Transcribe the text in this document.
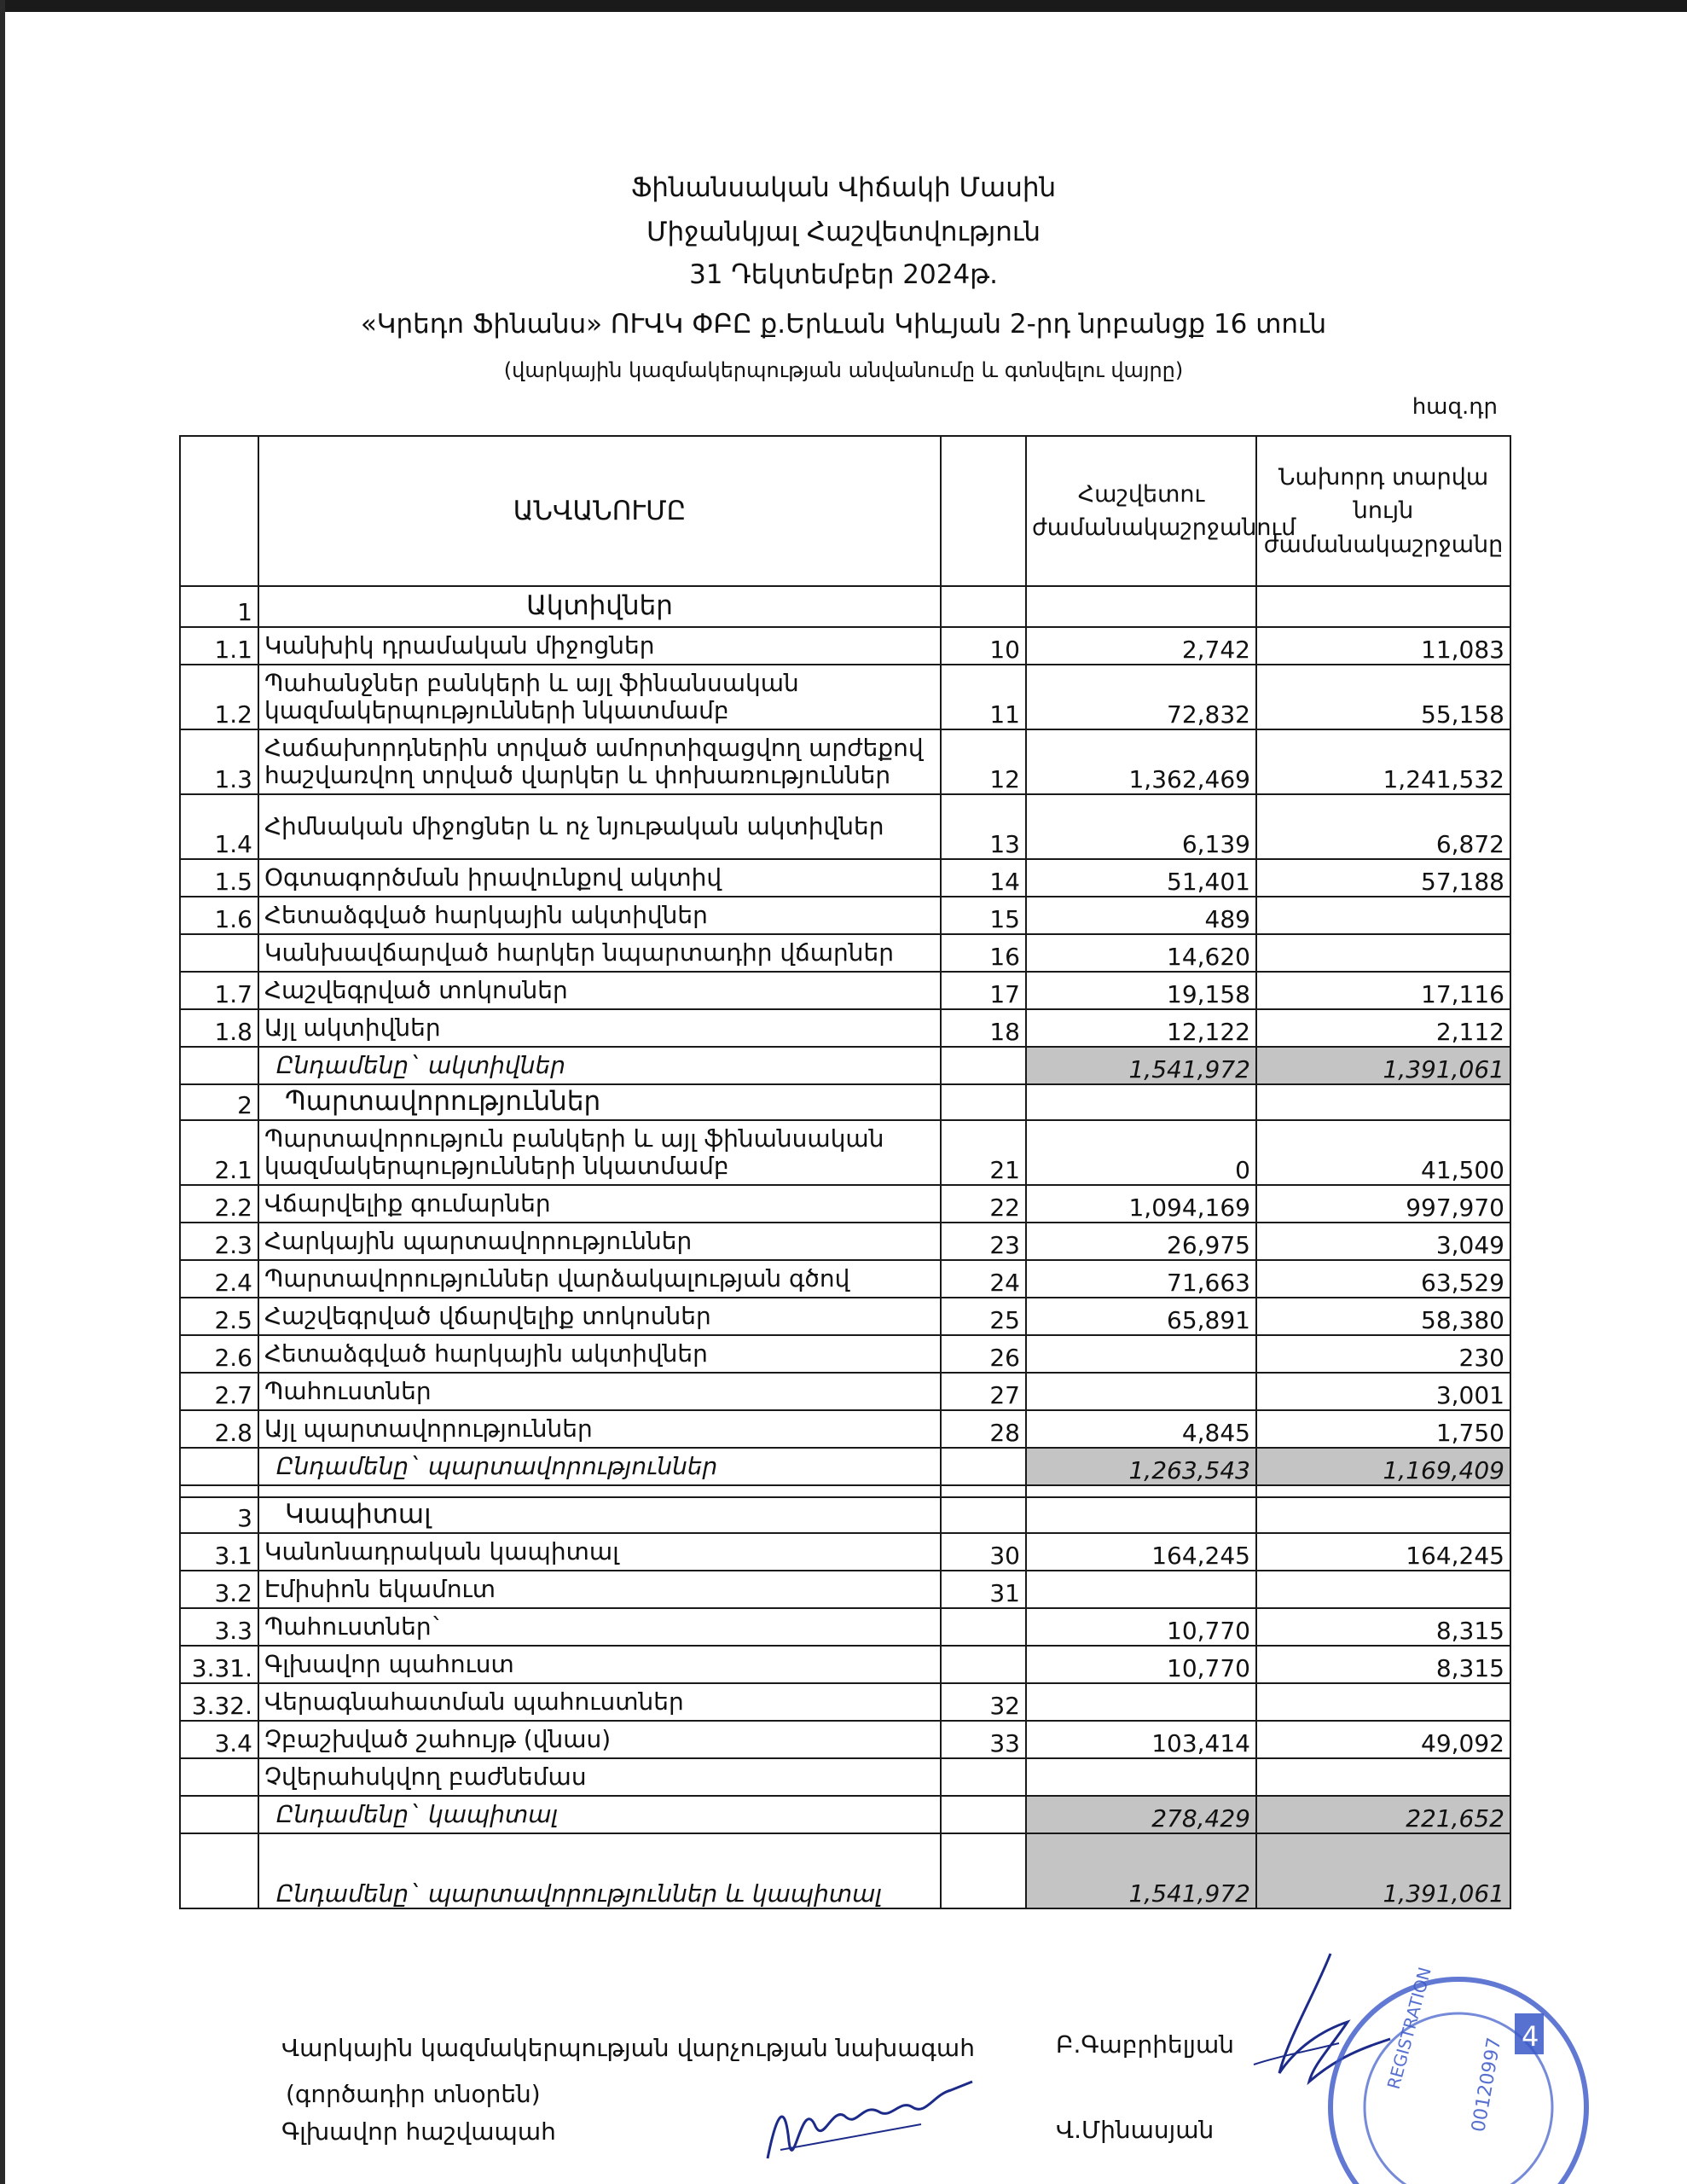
Ֆինանսական Վիճակի Մասին
Միջանկյալ Հաշվետվություն
31 Դեկտեմբեր 2024թ.
«Կրեդո Ֆինանս» ՈՒՎԿ ՓԲԸ ք.Երևան Կիևյան 2-րդ նրբանցք 16 տուն
(վարկային կազմակերպության անվանումը և գտնվելու վայրը)
հազ.դր
	ԱՆՎԱՆՈՒՄԸ		Հաշվետու ժամանակաշրջանում	Նախորդ տարվա նույն ժամանակաշրջանը
1	Ակտիվներ			
1.1	Կանխիկ դրամական միջոցներ	10	2,742	11,083
1.2	Պահանջներ բանկերի և այլ ֆինանսական կազմակերպությունների նկատմամբ	11	72,832	55,158
1.3	Հաճախորդներին տրված ամորտիզացվող արժեքով հաշվառվող տրված վարկեր և փոխառություններ	12	1,362,469	1,241,532
1.4	Հիմնական միջոցներ և ոչ նյութական ակտիվներ	13	6,139	6,872
1.5	Օգտագործման իրավունքով ակտիվ	14	51,401	57,188
1.6	Հետաձգված հարկային ակտիվներ	15	489	
	Կանխավճարված հարկեր նպարտադիր վճարներ	16	14,620	
1.7	Հաշվեգրված տոկոսներ	17	19,158	17,116
1.8	Այլ ակտիվներ	18	12,122	2,112
	Ընդամենը` ակտիվներ		1,541,972	1,391,061
2	Պարտավորություններ			
2.1	Պարտավորություն բանկերի և այլ ֆինանսական կազմակերպությունների նկատմամբ	21	0	41,500
2.2	Վճարվելիք գումարներ	22	1,094,169	997,970
2.3	Հարկային պարտավորություններ	23	26,975	3,049
2.4	Պարտավորություններ վարձակալության գծով	24	71,663	63,529
2.5	Հաշվեգրված վճարվելիք տոկոսներ	25	65,891	58,380
2.6	Հետաձգված հարկային ակտիվներ	26		230
2.7	Պահուստներ	27		3,001
2.8	Այլ պարտավորություններ	28	4,845	1,750
	Ընդամենը` պարտավորություններ		1,263,543	1,169,409

3	Կապիտալ			
3.1	Կանոնադրական կապիտալ	30	164,245	164,245
3.2	Էմիսիոն եկամուտ	31		
3.3	Պահուստներ`		10,770	8,315
3.31.	Գլխավոր պահուստ		10,770	8,315
3.32.	Վերագնահատման պահուստներ	32		
3.4	Չբաշխված շահույթ (վնաս)	33	103,414	49,092
	Չվերահսկվող բաժնեմաս			
	Ընդամենը` կապիտալ		278,429	221,652
	Ընդամենը` պարտավորություններ և կապիտալ		1,541,972	1,391,061
Վարկային կազմակերպության վարչության նախագահ
(գործադիր տնօրեն)
Գլխավոր հաշվապահ
Բ.Գաբրիելյան
Վ.Մինասյան
REGISTRATION 00120997 4
